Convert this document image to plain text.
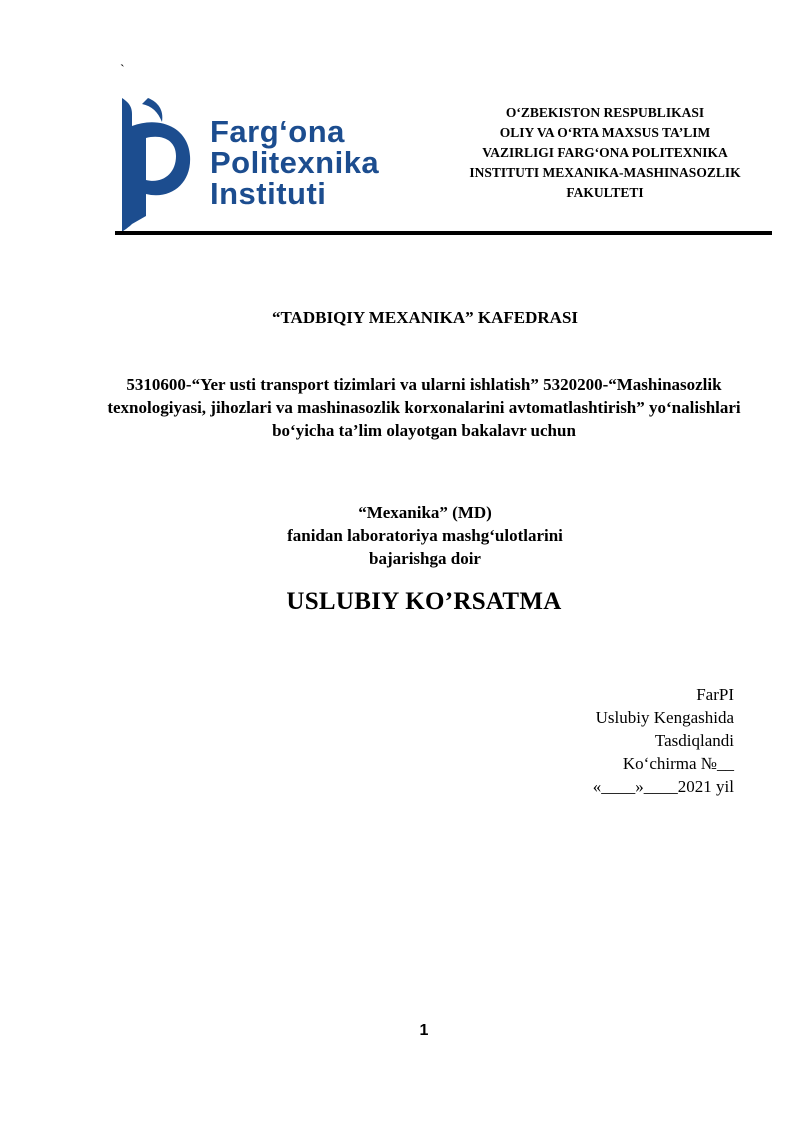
`
Farg‘ona
Politexnika
Instituti
O‘ZBEKISTON RESPUBLIKASI
OLIY VA O‘RTA MAXSUS TA’LIM
VAZIRLIGI FARG‘ONA POLITEXNIKA
INSTITUTI MEXANIKA-MASHINASOZLIK
FAKULTETI
“TADBIQIY MEXANIKA” KAFEDRASI
5310600-“Yer usti transport tizimlari va ularni ishlatish” 5320200-“Mashinasozlik texnologiyasi, jihozlari va mashinasozlik korxonalarini avtomatlashtirish” yo‘nalishlari bo‘yicha ta’lim olayotgan bakalavr uchun
“Mexanika” (MD)
fanidan laboratoriya mashg‘ulotlarini
bajarishga doir
USLUBIY KO’RSATMA
FarPI
Uslubiy Kengashida
Tasdiqlandi
Ko‘chirma №__
«____»____2021 yil
1
